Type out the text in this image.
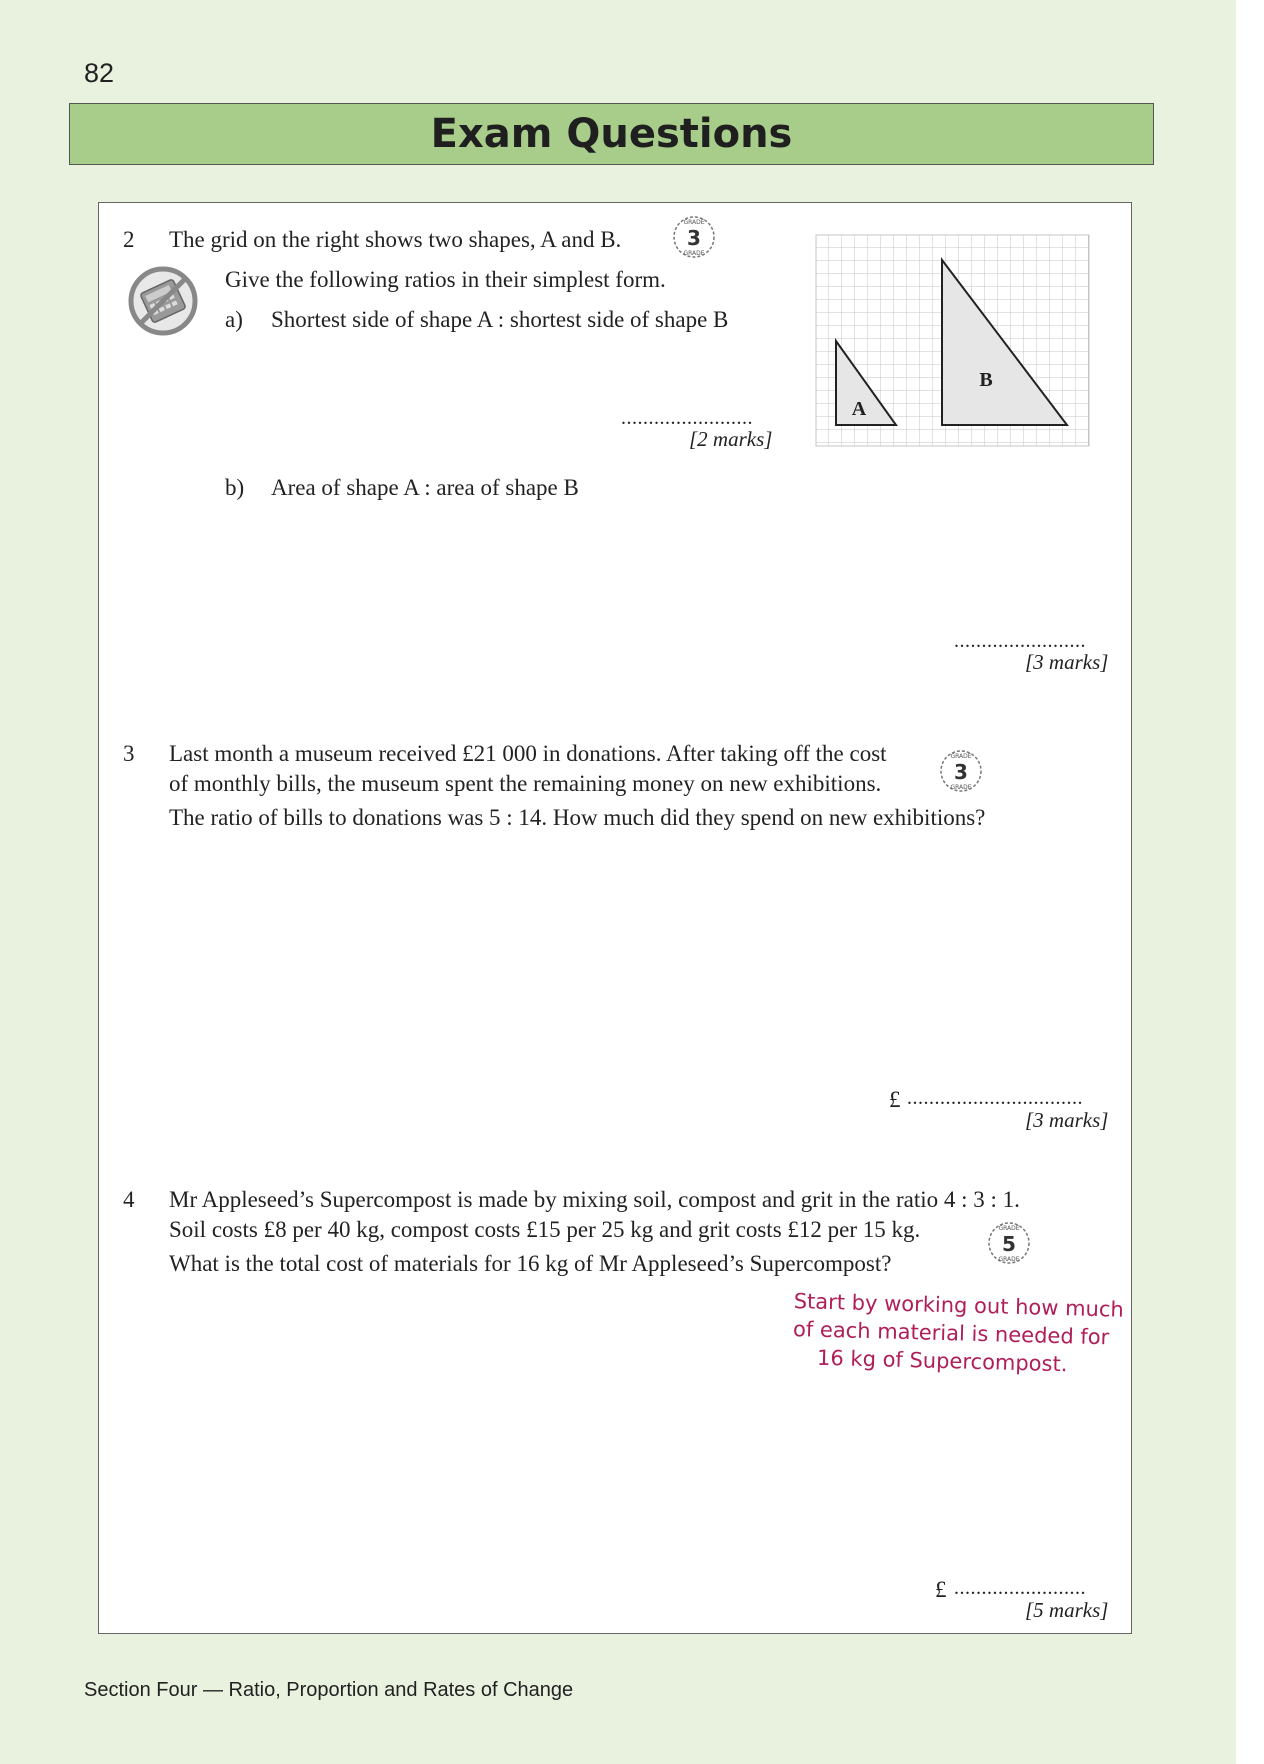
82
Exam Questions
2 The grid on the right shows two shapes, A and B.
GRADE
GRADE
3
Give the following ratios in their simplest form.
a) Shortest side of shape A : shortest side of shape B
........................
[2 marks]
A
B
b) Area of shape A : area of shape B
........................
[3 marks]
3 Last month a museum received £21 000 in donations. After taking off the cost
of monthly bills, the museum spent the remaining money on new exhibitions.
The ratio of bills to donations was 5 : 14. How much did they spend on new exhibitions?
GRADE
GRADE
3
£ ................................
[3 marks]
4 Mr Appleseed’s Supercompost is made by mixing soil, compost and grit in the ratio 4 : 3 : 1.
Soil costs £8 per 40 kg, compost costs £15 per 25 kg and grit costs £12 per 15 kg.
What is the total cost of materials for 16 kg of Mr Appleseed’s Supercompost?
GRADE
GRADE
5
Start by working out how much
of each material is needed for
16 kg of Supercompost.
£ ........................
[5 marks]
Section Four — Ratio, Proportion and Rates of Change
